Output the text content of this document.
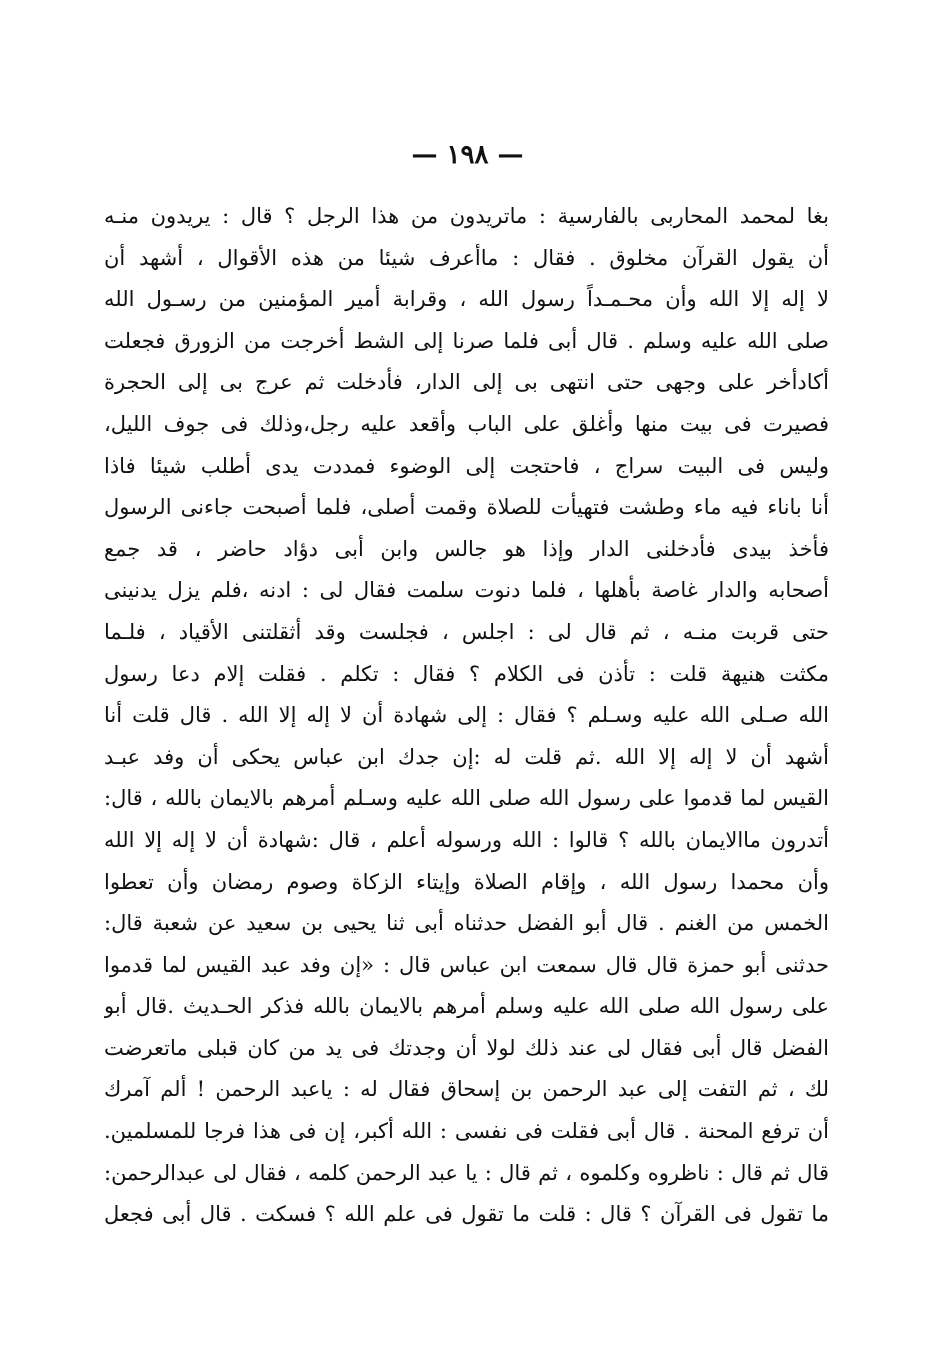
— ١٩٨ —
بغا لمحمد المحاربى بالفارسية : ماتريدون من هذا الرجل ؟ قال : يريدون منـه
أن يقول القرآن مخلوق . فقال : ماأعرف شيئا من هذه الأقوال ، أشهد أن
لا إله إلا الله وأن محـمـداً رسول الله ، وقرابة أمير المؤمنين من رسـول الله
صلى الله عليه وسلم . قال أبى فلما صرنا إلى الشط أخرجت من الزورق فجعلت
أكادأخر على وجهى حتى انتهى بى إلى الدار، فأدخلت ثم عرج بى إلى الحجرة
فصيرت فى بيت منها وأغلق على الباب وأقعد عليه رجل،وذلك فى جوف الليل،
وليس فى البيت سراج ، فاحتجت إلى الوضوء فمددت يدى أطلب شيئا فاذا
أنا باناء فيه ماء وطشت فتهيأت للصلاة وقمت أصلى، فلما أصبحت جاءنى الرسول
فأخذ بيدى فأدخلنى الدار وإذا هو جالس وابن أبى دؤاد حاضر ، قد جمع
أصحابه والدار غاصة بأهلها ، فلما دنوت سلمت فقال لى : ادنه ،فلم يزل يدنينى
حتى قربت منـه ، ثم قال لى : اجلس ، فجلست وقد أثقلتنى الأقياد ، فلـما
مكثت هنيهة قلت : تأذن فى الكلام ؟ فقال : تكلم . فقلت إلام دعا رسول
الله صـلى الله عليه وسـلم ؟ فقال : إلى شهادة أن لا إله إلا الله . قال قلت أنا
أشهد أن لا إله إلا الله .ثم قلت له :إن جدك ابن عباس يحكى أن وفد عبـد
القيس لما قدموا على رسول الله صلى الله عليه وسـلم أمرهم بالايمان بالله ، قال:
أتدرون ماالايمان بالله ؟ قالوا : الله ورسوله أعلم ، قال :شهادة أن لا إله إلا الله
وأن محمدا رسول الله ، وإقام الصلاة وإيتاء الزكاة وصوم رمضان وأن تعطوا
الخمس من الغنم . قال أبو الفضل حدثناه أبى ثنا يحيى بن سعيد عن شعبة قال:
حدثنى أبو حمزة قال قال سمعت ابن عباس قال : «إن وفد عبد القيس لما قدموا
على رسول الله صلى الله عليه وسلم أمرهم بالايمان بالله فذكر الحـديث .قال أبو
الفضل قال أبى فقال لى عند ذلك لولا أن وجدتك فى يد من كان قبلى ماتعرضت
لك ، ثم التفت إلى عبد الرحمن بن إسحاق فقال له : ياعبد الرحمن ! ألم آمرك
أن ترفع المحنة . قال أبى فقلت فى نفسى : الله أكبر، إن فى هذا فرجا للمسلمين.
قال ثم قال : ناظروه وكلموه ، ثم قال : يا عبد الرحمن كلمه ، فقال لى عبدالرحمن:
ما تقول فى القرآن ؟ قال : قلت ما تقول فى علم الله ؟ فسكت . قال أبى فجعل
